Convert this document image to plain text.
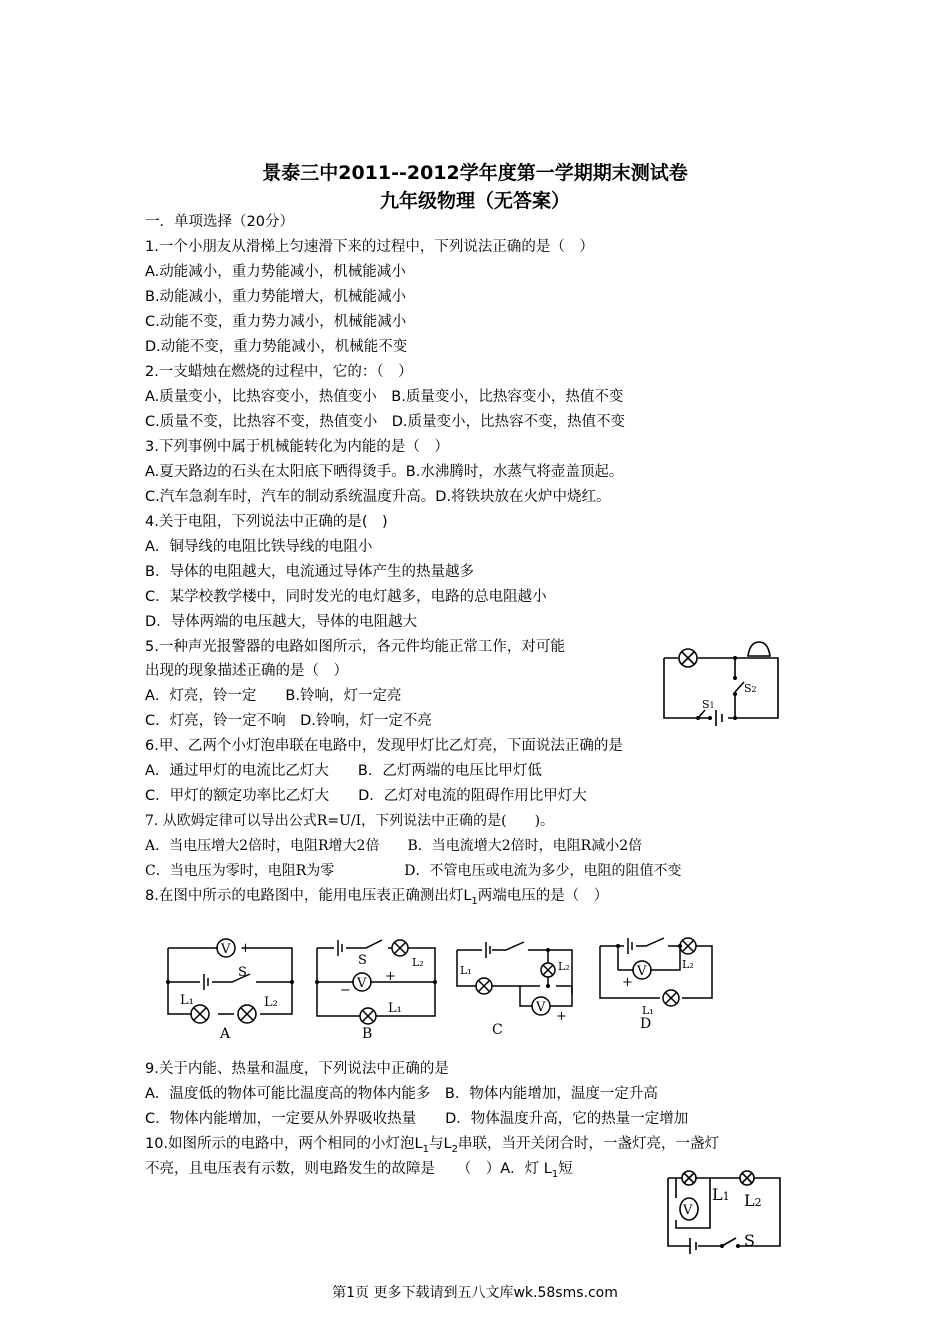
景泰三中2011--2012学年度第一学期期末测试卷
九年级物理（无答案）
一．单项选择（20分）
1.一个小朋友从滑梯上匀速滑下来的过程中，下列说法正确的是（　）
A.动能减小，重力势能减小，机械能减小
B.动能减小，重力势能增大，机械能减小
C.动能不变，重力势力减小，机械能减小
D.动能不变，重力势能减小，机械能不变
2.一支蜡烛在燃烧的过程中，它的：（　）
A.质量变小，比热容变小，热值变小　B.质量变小，比热容变小，热值不变
C.质量不变，比热容不变，热值变小　D.质量变小，比热容不变，热值不变
3.下列事例中属于机械能转化为内能的是（　）
A.夏天路边的石头在太阳底下晒得烫手。B.水沸腾时，水蒸气将壶盖顶起。
C.汽车急刹车时，汽车的制动系统温度升高。D.将铁块放在火炉中烧红。
4.关于电阻，下列说法中正确的是(　)
A．铜导线的电阻比铁导线的电阻小
B．导体的电阻越大，电流通过导体产生的热量越多
C．某学校教学楼中，同时发光的电灯越多，电路的总电阻越小
D．导体两端的电压越大，导体的电阻越大
5.一种声光报警器的电路如图所示，各元件均能正常工作，对可能
出现的现象描述正确的是（　）
A．灯亮，铃一定　　B.铃响，灯一定亮
C．灯亮，铃一定不响　D.铃响，灯一定不亮
6.甲、乙两个小灯泡串联在电路中，发现甲灯比乙灯亮，下面说法正确的是
A．通过甲灯的电流比乙灯大　　B．乙灯两端的电压比甲灯低
C．甲灯的额定功率比乙灯大　　D．乙灯对电流的阻碍作用比甲灯大
7. 从欧姆定律可以导出公式R=U/I，下列说法中正确的是(　　)。
A．当电压增大2倍时，电阻R增大2倍　　B．当电流增大2倍时，电阻R减小2倍
C．当电压为零时，电阻R为零　　　　　D．不管电压或电流为多少，电阻的阻值不变
8.在图中所示的电路图中，能用电压表正确测出灯$L_1$两端电压的是（　）
S2
S1
V
− +
S
L₁	L₂
A
S	L₂
V +
−
L₁
B
L₁	L₂
V
+
C
V
+
− L₂
L₁
D
9.关于内能、热量和温度，下列说法中正确的是
A．温度低的物体可能比温度高的物体内能多　B．物体内能增加，温度一定升高
C．物体内能增加，一定要从外界吸收热量　　D．物体温度升高，它的热量一定增加
10.如图所示的电路中，两个相同的小灯泡$L_1$与$L_2$串联，当开关闭合时，一盏灯亮，一盏灯
不亮，且电压表有示数，则电路发生的故障是　　（　）A．灯 $L_1$短
V
L1 L2
S
第1页 更多下载请到五八文库wk.58sms.com
